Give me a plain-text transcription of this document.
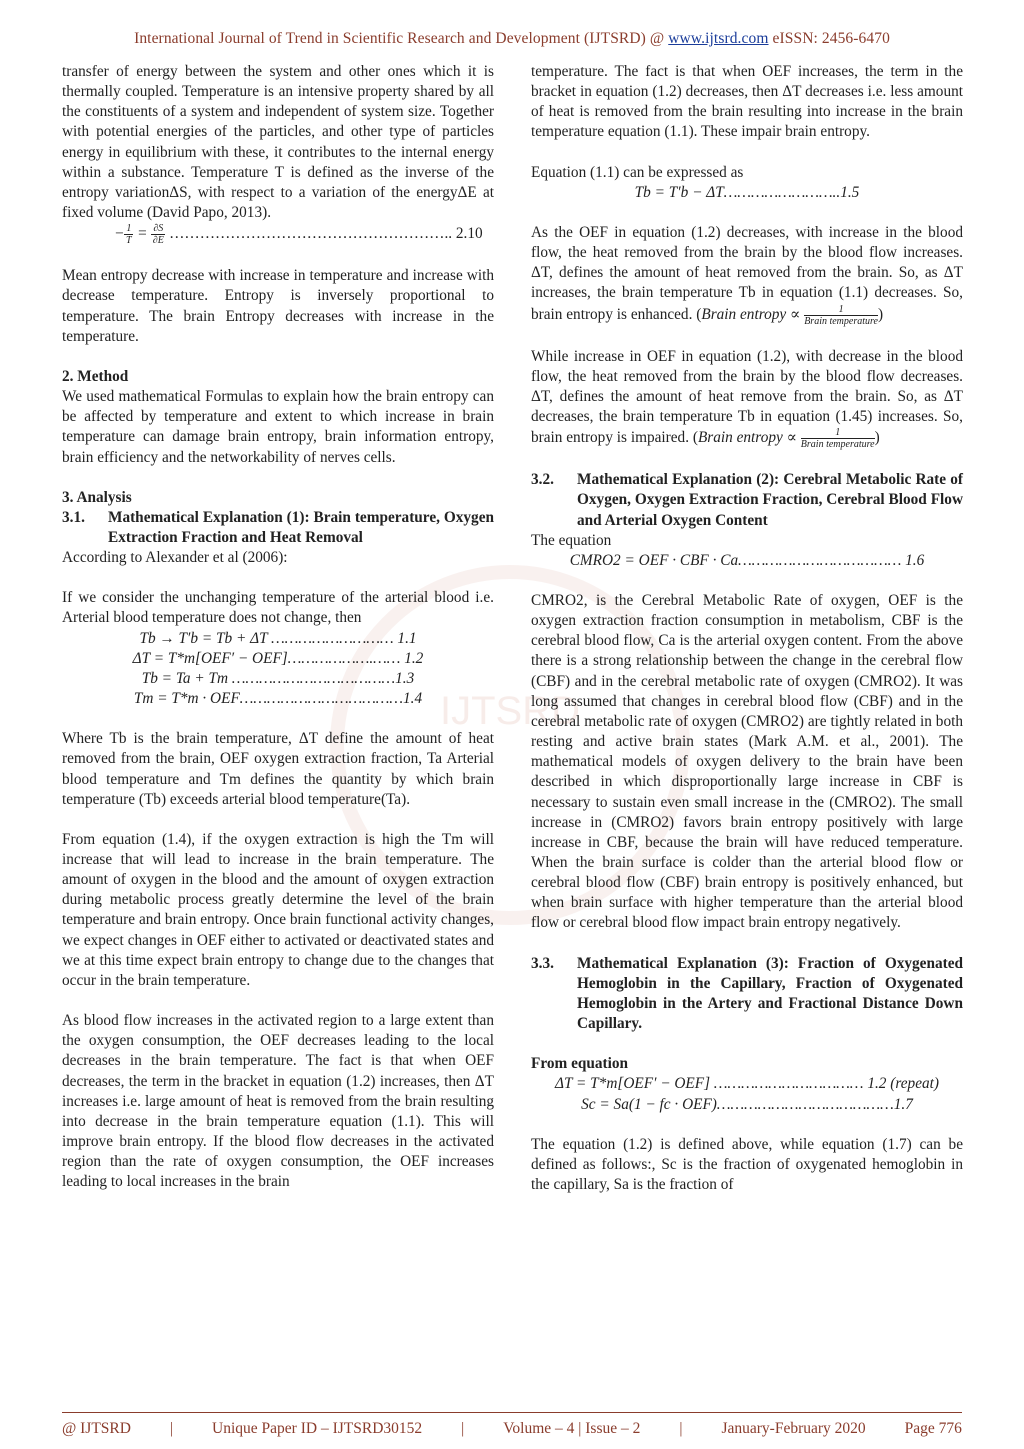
International Journal of Trend in Scientific Research and Development (IJTSRD) @ www.ijtsrd.com eISSN: 2456-6470
IJTSRD

transfer of energy between the system and other ones which it is thermally coupled. Temperature is an intensive property shared by all the constituents of a system and independent of system size. Together with potential energies of the particles, and other type of particles energy in equilibrium with these, it contributes to the internal energy within a substance. Temperature T is defined as the inverse of the entropy variationΔS, with respect to a variation of the energyΔE at fixed volume (David Papo, 2013).

− $\frac{1}{T} = \frac{\partial S}{\partial E}$ ……………………………………………….. 2.10

Mean entropy decrease with increase in temperature and increase with decrease temperature. Entropy is inversely proportional to temperature. The brain Entropy decreases with increase in the temperature.

2. Method

We used mathematical Formulas to explain how the brain entropy can be affected by temperature and extent to which increase in brain temperature can damage brain entropy, brain information entropy, brain efficiency and the networkability of nerves cells.

3. Analysis

3.1.	Mathematical Explanation (1): Brain temperature, Oxygen Extraction Fraction and Heat Removal

According to Alexander et al (2006):

If we consider the unchanging temperature of the arterial blood i.e. Arterial blood temperature does not change, then

Tb → T′b = Tb + ΔT ……………………… 1.1

ΔT = T*m[OEF′ − OEF]……………….…… 1.2

Tb = Ta + Tm ………………………………1.3

Tm = T*m · OEF………………………………1.4

Where Tb is the brain temperature, ΔT define the amount of heat removed from the brain, OEF oxygen extraction fraction, Ta Arterial blood temperature and Tm defines the quantity by which brain temperature (Tb) exceeds arterial blood temperature(Ta).

From equation (1.4), if the oxygen extraction is high the Tm will increase that will lead to increase in the brain temperature. The amount of oxygen in the blood and the amount of oxygen extraction during metabolic process greatly determine the level of the brain temperature and brain entropy. Once brain functional activity changes, we expect changes in OEF either to activated or deactivated states and we at this time expect brain entropy to change due to the changes that occur in the brain temperature.

As blood flow increases in the activated region to a large extent than the oxygen consumption, the OEF decreases leading to the local decreases in the brain temperature. The fact is that when OEF decreases, the term in the bracket in equation (1.2) increases, then ΔT increases i.e. large amount of heat is removed from the brain resulting into decrease in the brain temperature equation (1.1). This will improve brain entropy. If the blood flow decreases in the activated region than the rate of oxygen consumption, the OEF increases leading to local increases in the brain

temperature. The fact is that when OEF increases, the term in the bracket in equation (1.2) decreases, then ΔT decreases i.e. less amount of heat is removed from the brain resulting into increase in the brain temperature equation (1.1). These impair brain entropy.

Equation (1.1) can be expressed as

Tb = T′b − ΔT……………………..1.5

As the OEF in equation (1.2) decreases, with increase in the blood flow, the heat removed from the brain by the blood flow increases. ΔT, defines the amount of heat removed from the brain. So, as ΔT increases, the brain temperature Tb in equation (1.1) decreases. So, brain entropy is enhanced. (Brain entropy ∝ $\frac{1}{\text{Brain temperature}}$ )

While increase in OEF in equation (1.2), with decrease in the blood flow, the heat removed from the brain by the blood flow decreases. ΔT, defines the amount of heat remove from the brain. So, as ΔT decreases, the brain temperature Tb in equation (1.45) increases. So, brain entropy is impaired. (Brain entropy ∝ $\frac{1}{\text{Brain temperature}}$ )

3.2.	Mathematical Explanation (2): Cerebral Metabolic Rate of Oxygen, Oxygen Extraction Fraction, Cerebral Blood Flow and Arterial Oxygen Content

The equation

CMRO2 = OEF · CBF · Ca……………………………… 1.6

CMRO2, is the Cerebral Metabolic Rate of oxygen, OEF is the oxygen extraction fraction consumption in metabolism, CBF is the cerebral blood flow, Ca is the arterial oxygen content. From the above there is a strong relationship between the change in the cerebral flow (CBF) and in the cerebral metabolic rate of oxygen (CMRO2). It was long assumed that changes in cerebral blood flow (CBF) and in the cerebral metabolic rate of oxygen (CMRO2) are tightly related in both resting and active brain states (Mark A.M. et al., 2001). The mathematical models of oxygen delivery to the brain have been described in which disproportionally large increase in CBF is necessary to sustain even small increase in the (CMRO2). The small increase in (CMRO2) favors brain entropy positively with large increase in CBF, because the brain will have reduced temperature. When the brain surface is colder than the arterial blood flow or cerebral blood flow (CBF) brain entropy is positively enhanced, but when brain surface with higher temperature than the arterial blood flow or cerebral blood flow impact brain entropy negatively.

3.3.	Mathematical Explanation (3): Fraction of Oxygenated Hemoglobin in the Capillary, Fraction of Oxygenated Hemoglobin in the Artery and Fractional Distance Down Capillary.

From equation

ΔT = T*m[OEF′ − OEF] …………………………… 1.2 (repeat)

Sc = Sa(1 − fc · OEF)…………………………………1.7

The equation (1.2) is defined above, while equation (1.7) can be defined as follows:, Sc is the fraction of oxygenated hemoglobin in the capillary, Sa is the fraction of

@ IJTSRD	|	Unique Paper ID – IJTSRD30152	|	Volume – 4 | Issue – 2	|	January-February 2020	Page 776
